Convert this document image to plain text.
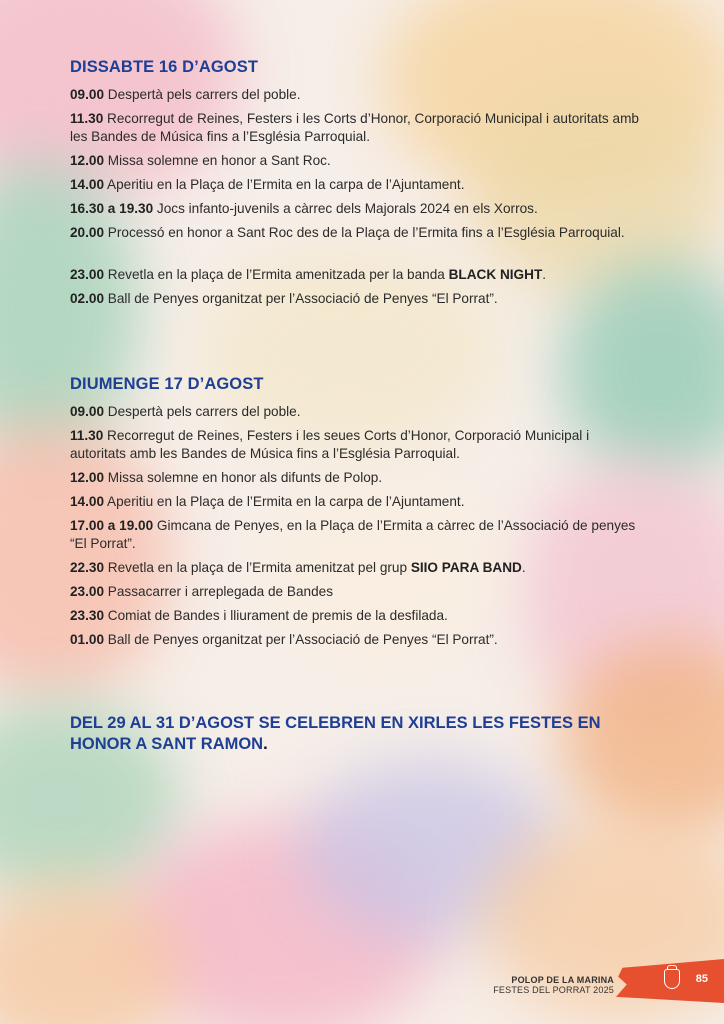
DISSABTE 16 D’AGOST

09.00 Despertà pels carrers del poble.

11.30 Recorregut de Reines, Festers i les Corts d’Honor, Corporació Municipal i autoritats amb les Bandes de Música fins a l’Església Parroquial.

12.00 Missa solemne en honor a Sant Roc.

14.00 Aperitiu en la Plaça de l’Ermita en la carpa de l’Ajuntament.

16.30 a 19.30 Jocs infanto-juvenils a càrrec dels Majorals 2024 en els Xorros.

20.00 Processó en honor a Sant Roc des de la Plaça de l’Ermita fins a l’Església Parroquial.

23.00 Revetla en la plaça de l’Ermita amenitzada per la banda BLACK NIGHT.

02.00 Ball de Penyes organitzat per l’Associació de Penyes “El Porrat”.

DIUMENGE 17 D’AGOST

09.00 Despertà pels carrers del poble.

11.30 Recorregut de Reines, Festers i les seues Corts d’Honor, Corporació Municipal i autoritats amb les Bandes de Música fins a l’Església Parroquial.

12.00 Missa solemne en honor als difunts de Polop.

14.00 Aperitiu en la Plaça de l’Ermita en la carpa de l’Ajuntament.

17.00 a 19.00 Gimcana de Penyes, en la Plaça de l’Ermita a càrrec de l’Associació de penyes “El Porrat”.

22.30 Revetla en la plaça de l’Ermita amenitzat pel grup SIIO PARA BAND.

23.00 Passacarrer i arreplegada de Bandes

23.30 Comiat de Bandes i lliurament de premis de la desfilada.

01.00 Ball de Penyes organitzat per l’Associació de Penyes “El Porrat”.

DEL 29 AL 31 D’AGOST SE CELEBREN EN XIRLES LES FESTES EN HONOR A SANT RAMON.

POLOP DE LA MARINA
FESTES DEL PORRAT 2025
85
